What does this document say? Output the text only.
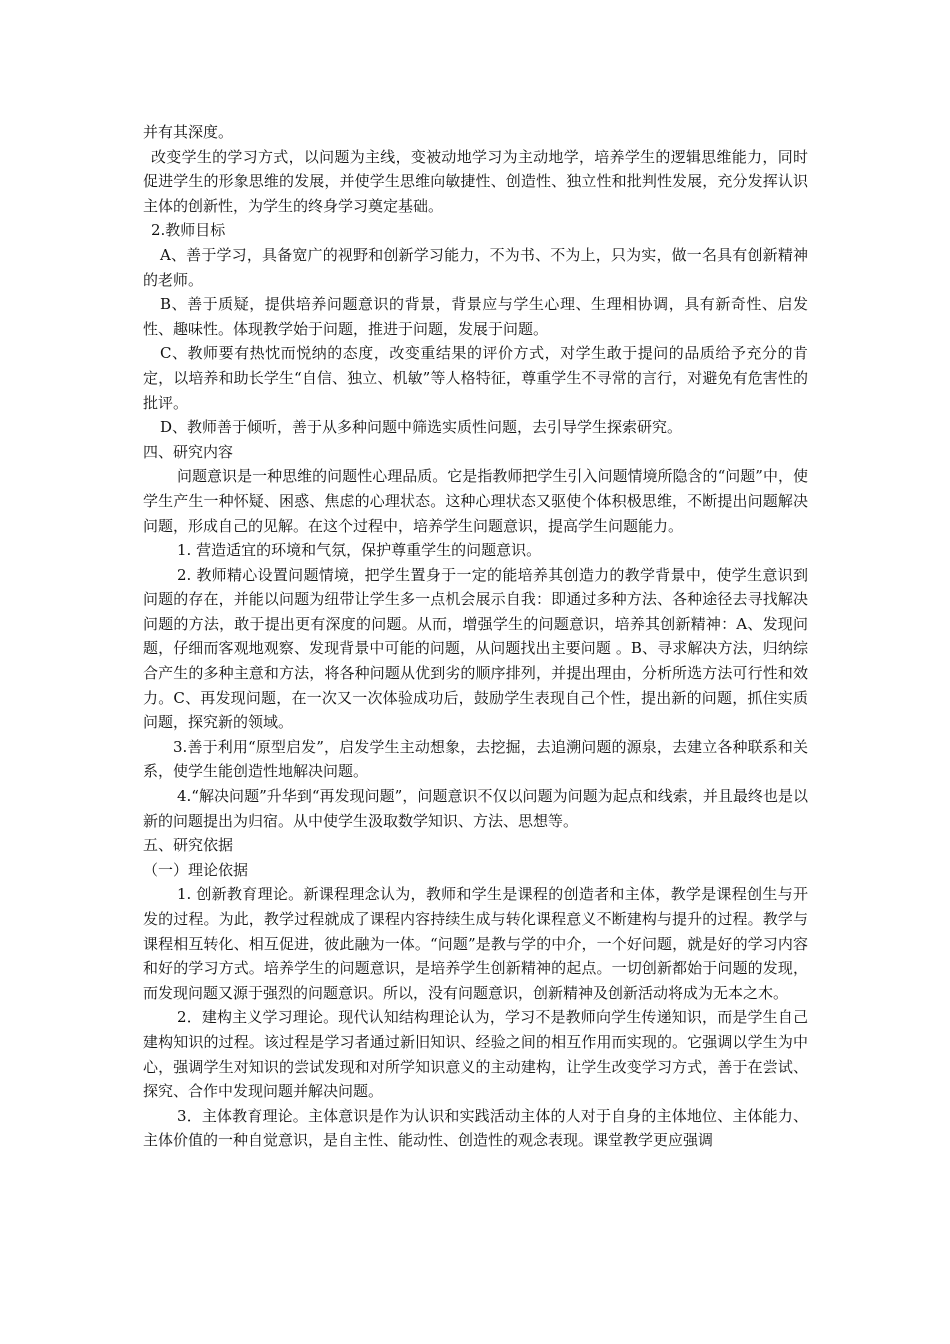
并有其深度。

改变学生的学习方式，以问题为主线，变被动地学习为主动地学，培养学生的逻辑思维能力，同时促进学生的形象思维的发展，并使学生思维向敏捷性、创造性、独立性和批判性发展，充分发挥认识主体的创新性，为学生的终身学习奠定基础。

2.教师目标

A、善于学习，具备宽广的视野和创新学习能力，不为书、不为上，只为实，做一名具有创新精神的老师。

B、善于质疑，提供培养问题意识的背景，背景应与学生心理、生理相协调，具有新奇性、启发性、趣味性。体现教学始于问题，推进于问题，发展于问题。

C、教师要有热忱而悦纳的态度，改变重结果的评价方式，对学生敢于提问的品质给予充分的肯定，以培养和助长学生“自信、独立、机敏”等人格特征，尊重学生不寻常的言行，对避免有危害性的批评。

D、教师善于倾听，善于从多种问题中筛选实质性问题，去引导学生探索研究。

四、研究内容

问题意识是一种思维的问题性心理品质。它是指教师把学生引入问题情境所隐含的“问题”中，使学生产生一种怀疑、困惑、焦虑的心理状态。这种心理状态又驱使个体积极思维，不断提出问题解决问题，形成自己的见解。在这个过程中，培养学生问题意识，提高学生问题能力。

1. 营造适宜的环境和气氛，保护尊重学生的问题意识。

2. 教师精心设置问题情境，把学生置身于一定的能培养其创造力的教学背景中，使学生意识到问题的存在，并能以问题为纽带让学生多一点机会展示自我：即通过多种方法、各种途径去寻找解决问题的方法，敢于提出更有深度的问题。从而，增强学生的问题意识，培养其创新精神：A、发现问题，仔细而客观地观察、发现背景中可能的问题，从问题找出主要问题 。B、寻求解决方法，归纳综合产生的多种主意和方法，将各种问题从优到劣的顺序排列，并提出理由，分析所选方法可行性和效力。C、再发现问题，在一次又一次体验成功后，鼓励学生表现自己个性，提出新的问题，抓住实质问题，探究新的领域。

3.善于利用“原型启发”，启发学生主动想象，去挖掘，去追溯问题的源泉，去建立各种联系和关系，使学生能创造性地解决问题。

4.“解决问题”升华到“再发现问题”，问题意识不仅以问题为问题为起点和线索，并且最终也是以新的问题提出为归宿。从中使学生汲取数学知识、方法、思想等。

五、研究依据

（一）理论依据

1. 创新教育理论。新课程理念认为，教师和学生是课程的创造者和主体，教学是课程创生与开发的过程。为此，教学过程就成了课程内容持续生成与转化课程意义不断建构与提升的过程。教学与课程相互转化、相互促进，彼此融为一体。“问题”是教与学的中介，一个好问题，就是好的学习内容和好的学习方式。培养学生的问题意识，是培养学生创新精神的起点。一切创新都始于问题的发现，而发现问题又源于强烈的问题意识。所以，没有问题意识，创新精神及创新活动将成为无本之木。

2．建构主义学习理论。现代认知结构理论认为，学习不是教师向学生传递知识，而是学生自己建构知识的过程。该过程是学习者通过新旧知识、经验之间的相互作用而实现的。它强调以学生为中心，强调学生对知识的尝试发现和对所学知识意义的主动建构，让学生改变学习方式，善于在尝试、探究、合作中发现问题并解决问题。

3．主体教育理论。主体意识是作为认识和实践活动主体的人对于自身的主体地位、主体能力、主体价值的一种自觉意识，是自主性、能动性、创造性的观念表现。课堂教学更应强调
